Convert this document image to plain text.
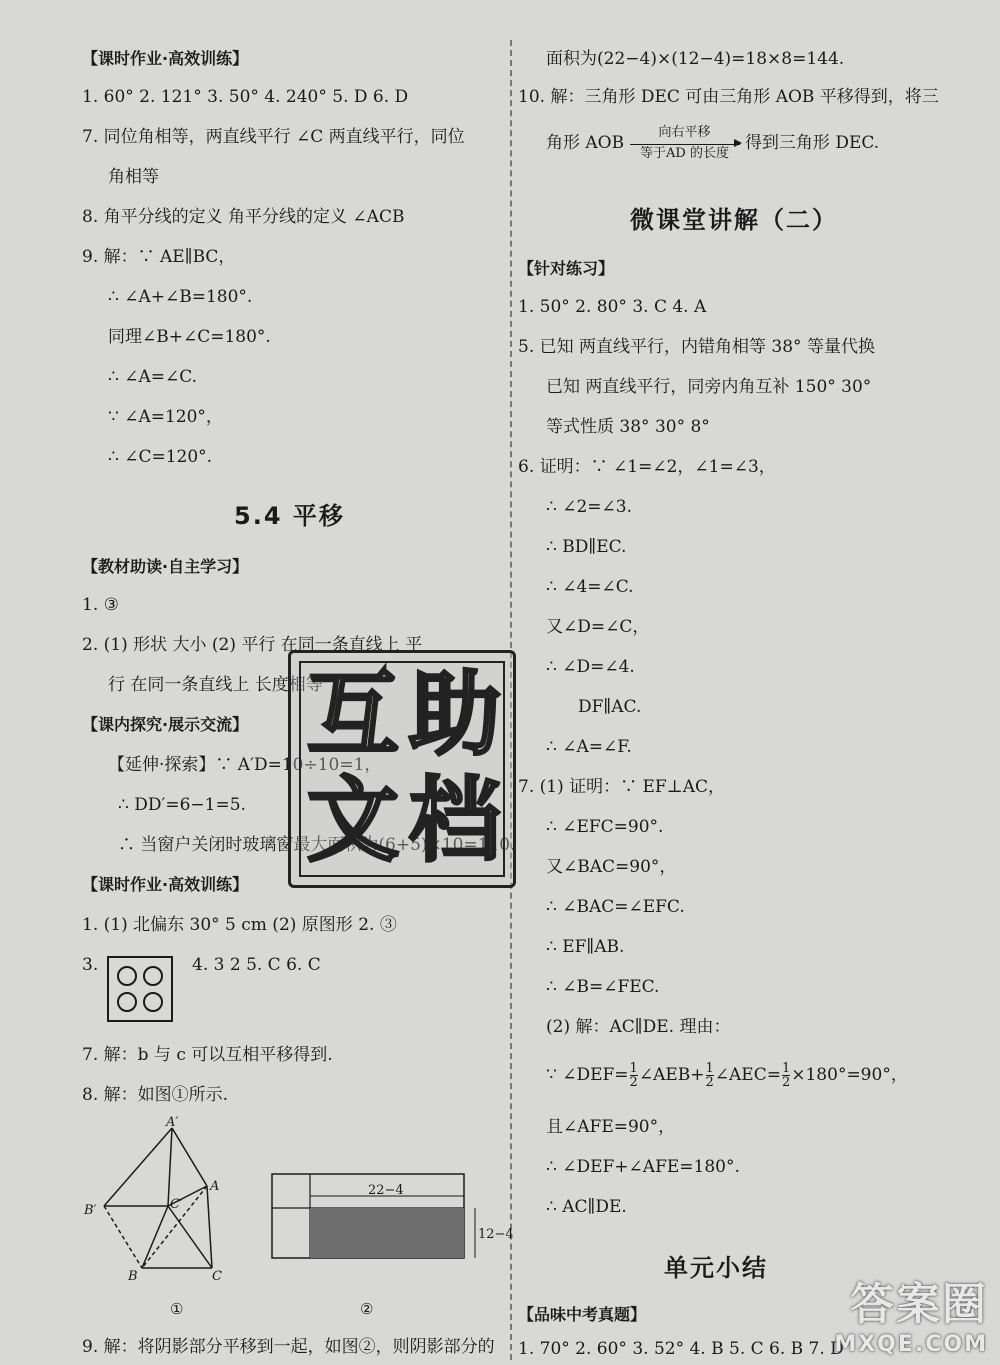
【课时作业·高效训练】
1. 60° 2. 121° 3. 50° 4. 240° 5. D 6. D
7. 同位角相等，两直线平行 ∠C 两直线平行，同位
角相等
8. 角平分线的定义 角平分线的定义 ∠ACB
9. 解：∵ AE∥BC，
∴ ∠A+∠B=180°.
同理∠B+∠C=180°.
∴ ∠A=∠C.
∵ ∠A=120°，
∴ ∠C=120°.
5.4 平移
【教材助读·自主学习】
1. ③
2. (1) 形状 大小 (2) 平行 在同一条直线上 平
行 在同一条直线上 长度相等
【课内探究·展示交流】
【延伸·探索】∵ A′D=10÷10=1，
∴ DD′=6−1=5.
∴ 当窗户关闭时玻璃窗最大面积为(6+5)×10=110.
【课时作业·高效训练】
1. (1) 北偏东 30° 5 cm (2) 原图形 2. ③
3.	4. 3 2 5. C 6. C
7. 解：b 与 c 可以互相平移得到.
8. 解：如图①所示.
A′
A
B′	C′
B	C
①
22−4
12−4
②
9. 解：将阴影部分平移到一起，如图②，则阴影部分的
面积为(22−4)×(12−4)=18×8=144.
10. 解：三角形 DEC 可由三角形 AOB 平移得到，将三
角形 AOB 向右平移
等于AD 的长度 得到三角形 DEC.
微课堂讲解（二）
【针对练习】
1. 50° 2. 80° 3. C 4. A
5. 已知 两直线平行，内错角相等 38° 等量代换
已知 两直线平行，同旁内角互补 150° 30°
等式性质 38° 30° 8°
6. 证明：∵ ∠1=∠2，∠1=∠3，
∴ ∠2=∠3.
∴ BD∥EC.
∴ ∠4=∠C.
又∠D=∠C，
∴ ∠D=∠4.
DF∥AC.
∴ ∠A=∠F.
7. (1) 证明：∵ EF⊥AC，
∴ ∠EFC=90°.
又∠BAC=90°，
∴ ∠BAC=∠EFC.
∴ EF∥AB.
∴ ∠B=∠FEC.
(2) 解：AC∥DE. 理由：
∵ ∠DEF= $\frac{1}{2}$ ∠AEB+ $\frac{1}{2}$ ∠AEC= $\frac{1}{2} \times 180^\circ=90^\circ$，
且∠AFE=90°，
∴ ∠DEF+∠AFE=180°.
∴ AC∥DE.
单元小结
【品味中考真题】
1. 70° 2. 60° 3. 52° 4. B 5. C 6. B 7. D
互 助
文 档
答案圈
MXQE.COM
